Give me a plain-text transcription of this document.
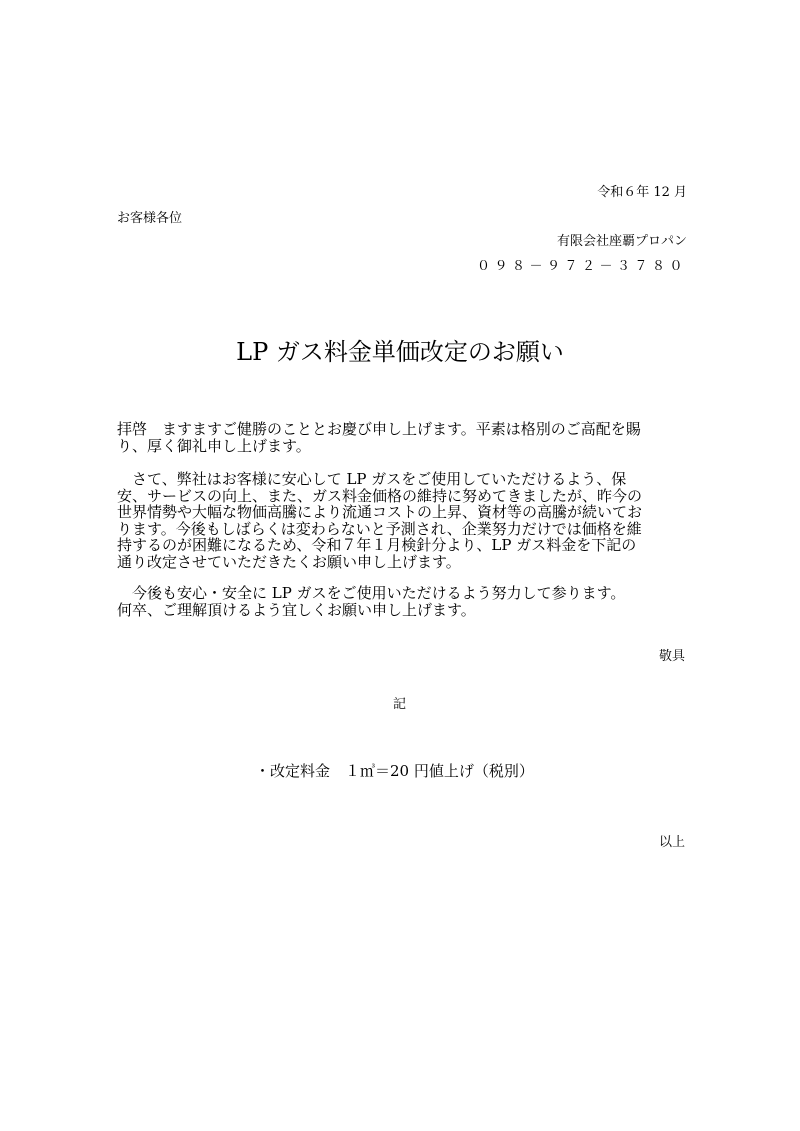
令和６年 12 月
お客様各位
有限会社座覇プロパン
０９８－９７２－３７８０
LP ガス料金単価改定のお願い
拝啓　ますますご健勝のこととお慶び申し上げます。平素は格別のご高配を賜
り、厚く御礼申し上げます。
　さて、弊社はお客様に安心して LP ガスをご使用していただけるよう、保
安、サービスの向上、また、ガス料金価格の維持に努めてきましたが、昨今の
世界情勢や大幅な物価高騰により流通コストの上昇、資材等の高騰が続いてお
ります。今後もしばらくは変わらないと予測され、企業努力だけでは価格を維
持するのが困難になるため、令和７年１月検針分より、LP ガス料金を下記の
通り改定させていただきたくお願い申し上げます。
　今後も安心・安全に LP ガスをご使用いただけるよう努力して参ります。
何卒、ご理解頂けるよう宜しくお願い申し上げます。
敬具
記
・改定料金　１㎥＝20 円値上げ（税別）
以上
